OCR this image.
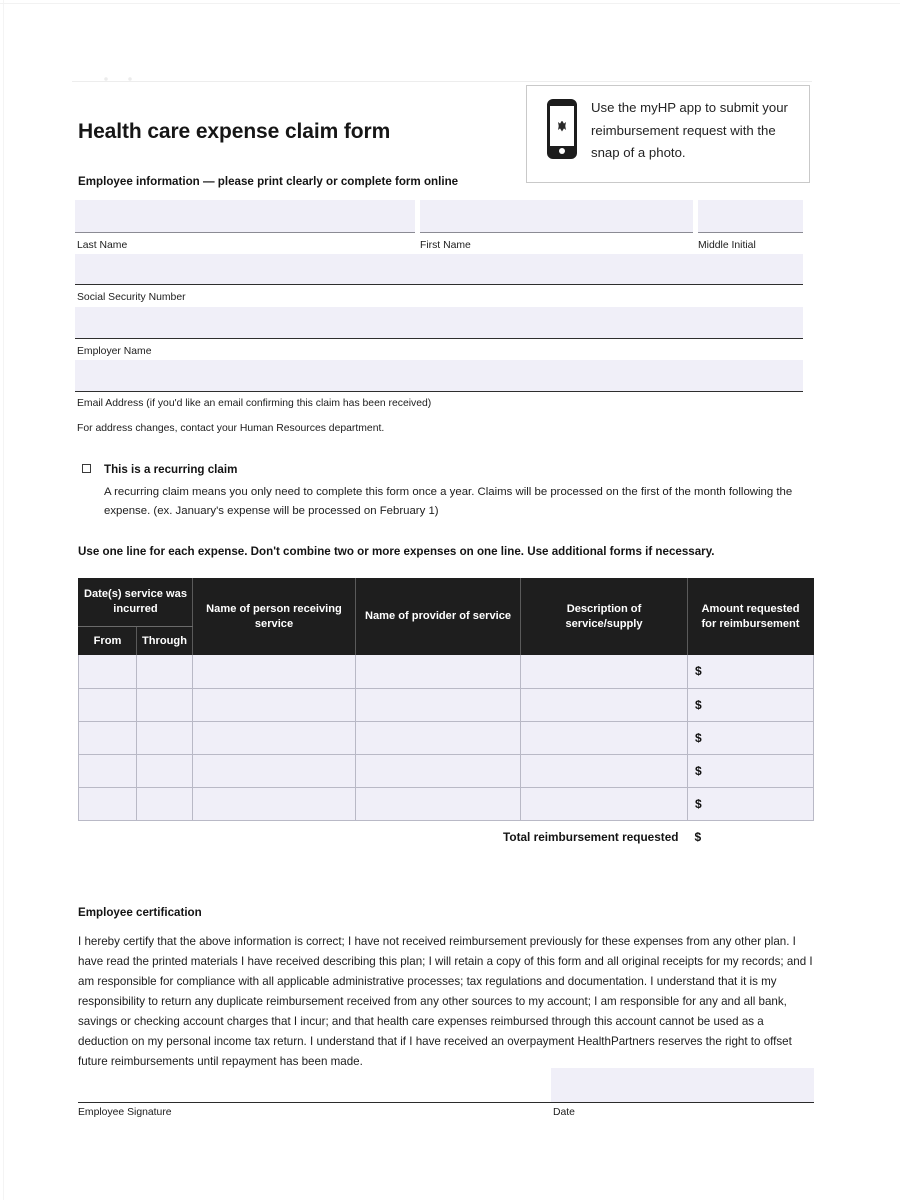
Use the myHP app to submit your reimbursement request with the snap of a photo.
Health care expense claim form
Employee information — please print clearly or complete form online
Last Name	First Name	Middle Initial
Social Security Number
Employer Name
Email Address (if you'd like an email confirming this claim has been received)
For address changes, contact your Human Resources department.
This is a recurring claim
A recurring claim means you only need to complete this form once a year. Claims will be processed on the first of the month following the expense. (ex. January's expense will be processed on February 1)
Use one line for each expense. Don't combine two or more expenses on one line. Use additional forms if necessary.
Date(s) service was incurred		Name of person receiving service	Name of provider of service	Description of service/supply	Amount requested for reimbursement
From	Through				

					$

					$

					$

					$

					$

Total reimbursement requested					$
Employee certification
I hereby certify that the above information is correct; I have not received reimbursement previously for these expenses from any other plan. I have read the printed materials I have received describing this plan; I will retain a copy of this form and all original receipts for my records; and I am responsible for compliance with all applicable administrative processes; tax regulations and documentation. I understand that it is my responsibility to return any duplicate reimbursement received from any other sources to my account; I am responsible for any and all bank, savings or checking account charges that I incur; and that health care expenses reimbursed through this account cannot be used as a deduction on my personal income tax return. I understand that if I have received an overpayment HealthPartners reserves the right to offset future reimbursements until repayment has been made.
Employee Signature	Date
